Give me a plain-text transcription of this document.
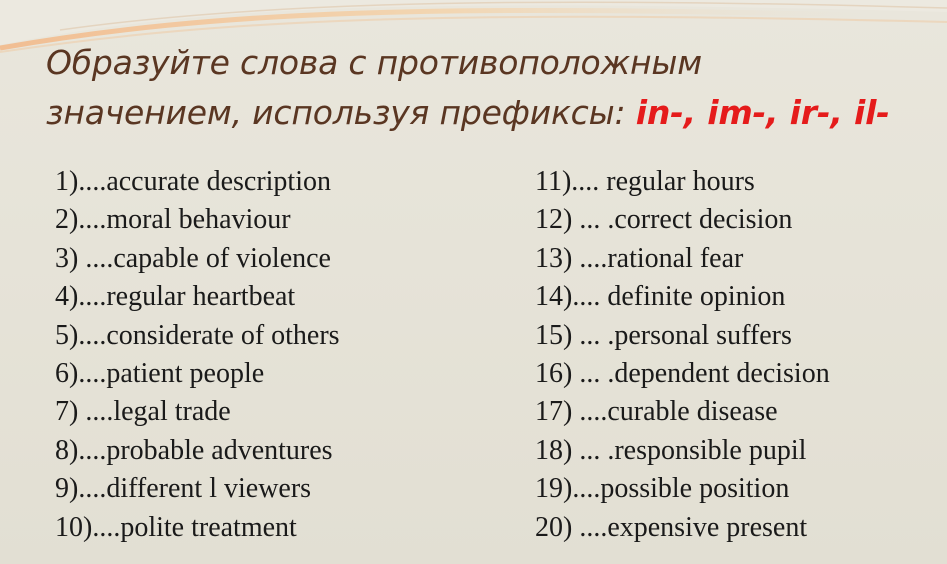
Образуйте слова с противоположным
значением, используя префиксы: in-, im-, ir-, il-
1)....accurate description
2)....moral behaviour
3) ....capable of violence
4)....regular heartbeat
5)....considerate of others
6)....patient people
7) ....legal trade
8)....probable adventures
9)....different l viewers
10)....polite treatment
11).... regular hours
12) ... .correct decision
13) ....rational fear
14).... definite opinion
15) ... .personal suffers
16) ... .dependent decision
17) ....curable disease
18) ... .responsible pupil
19)....possible position
20) ....expensive present
